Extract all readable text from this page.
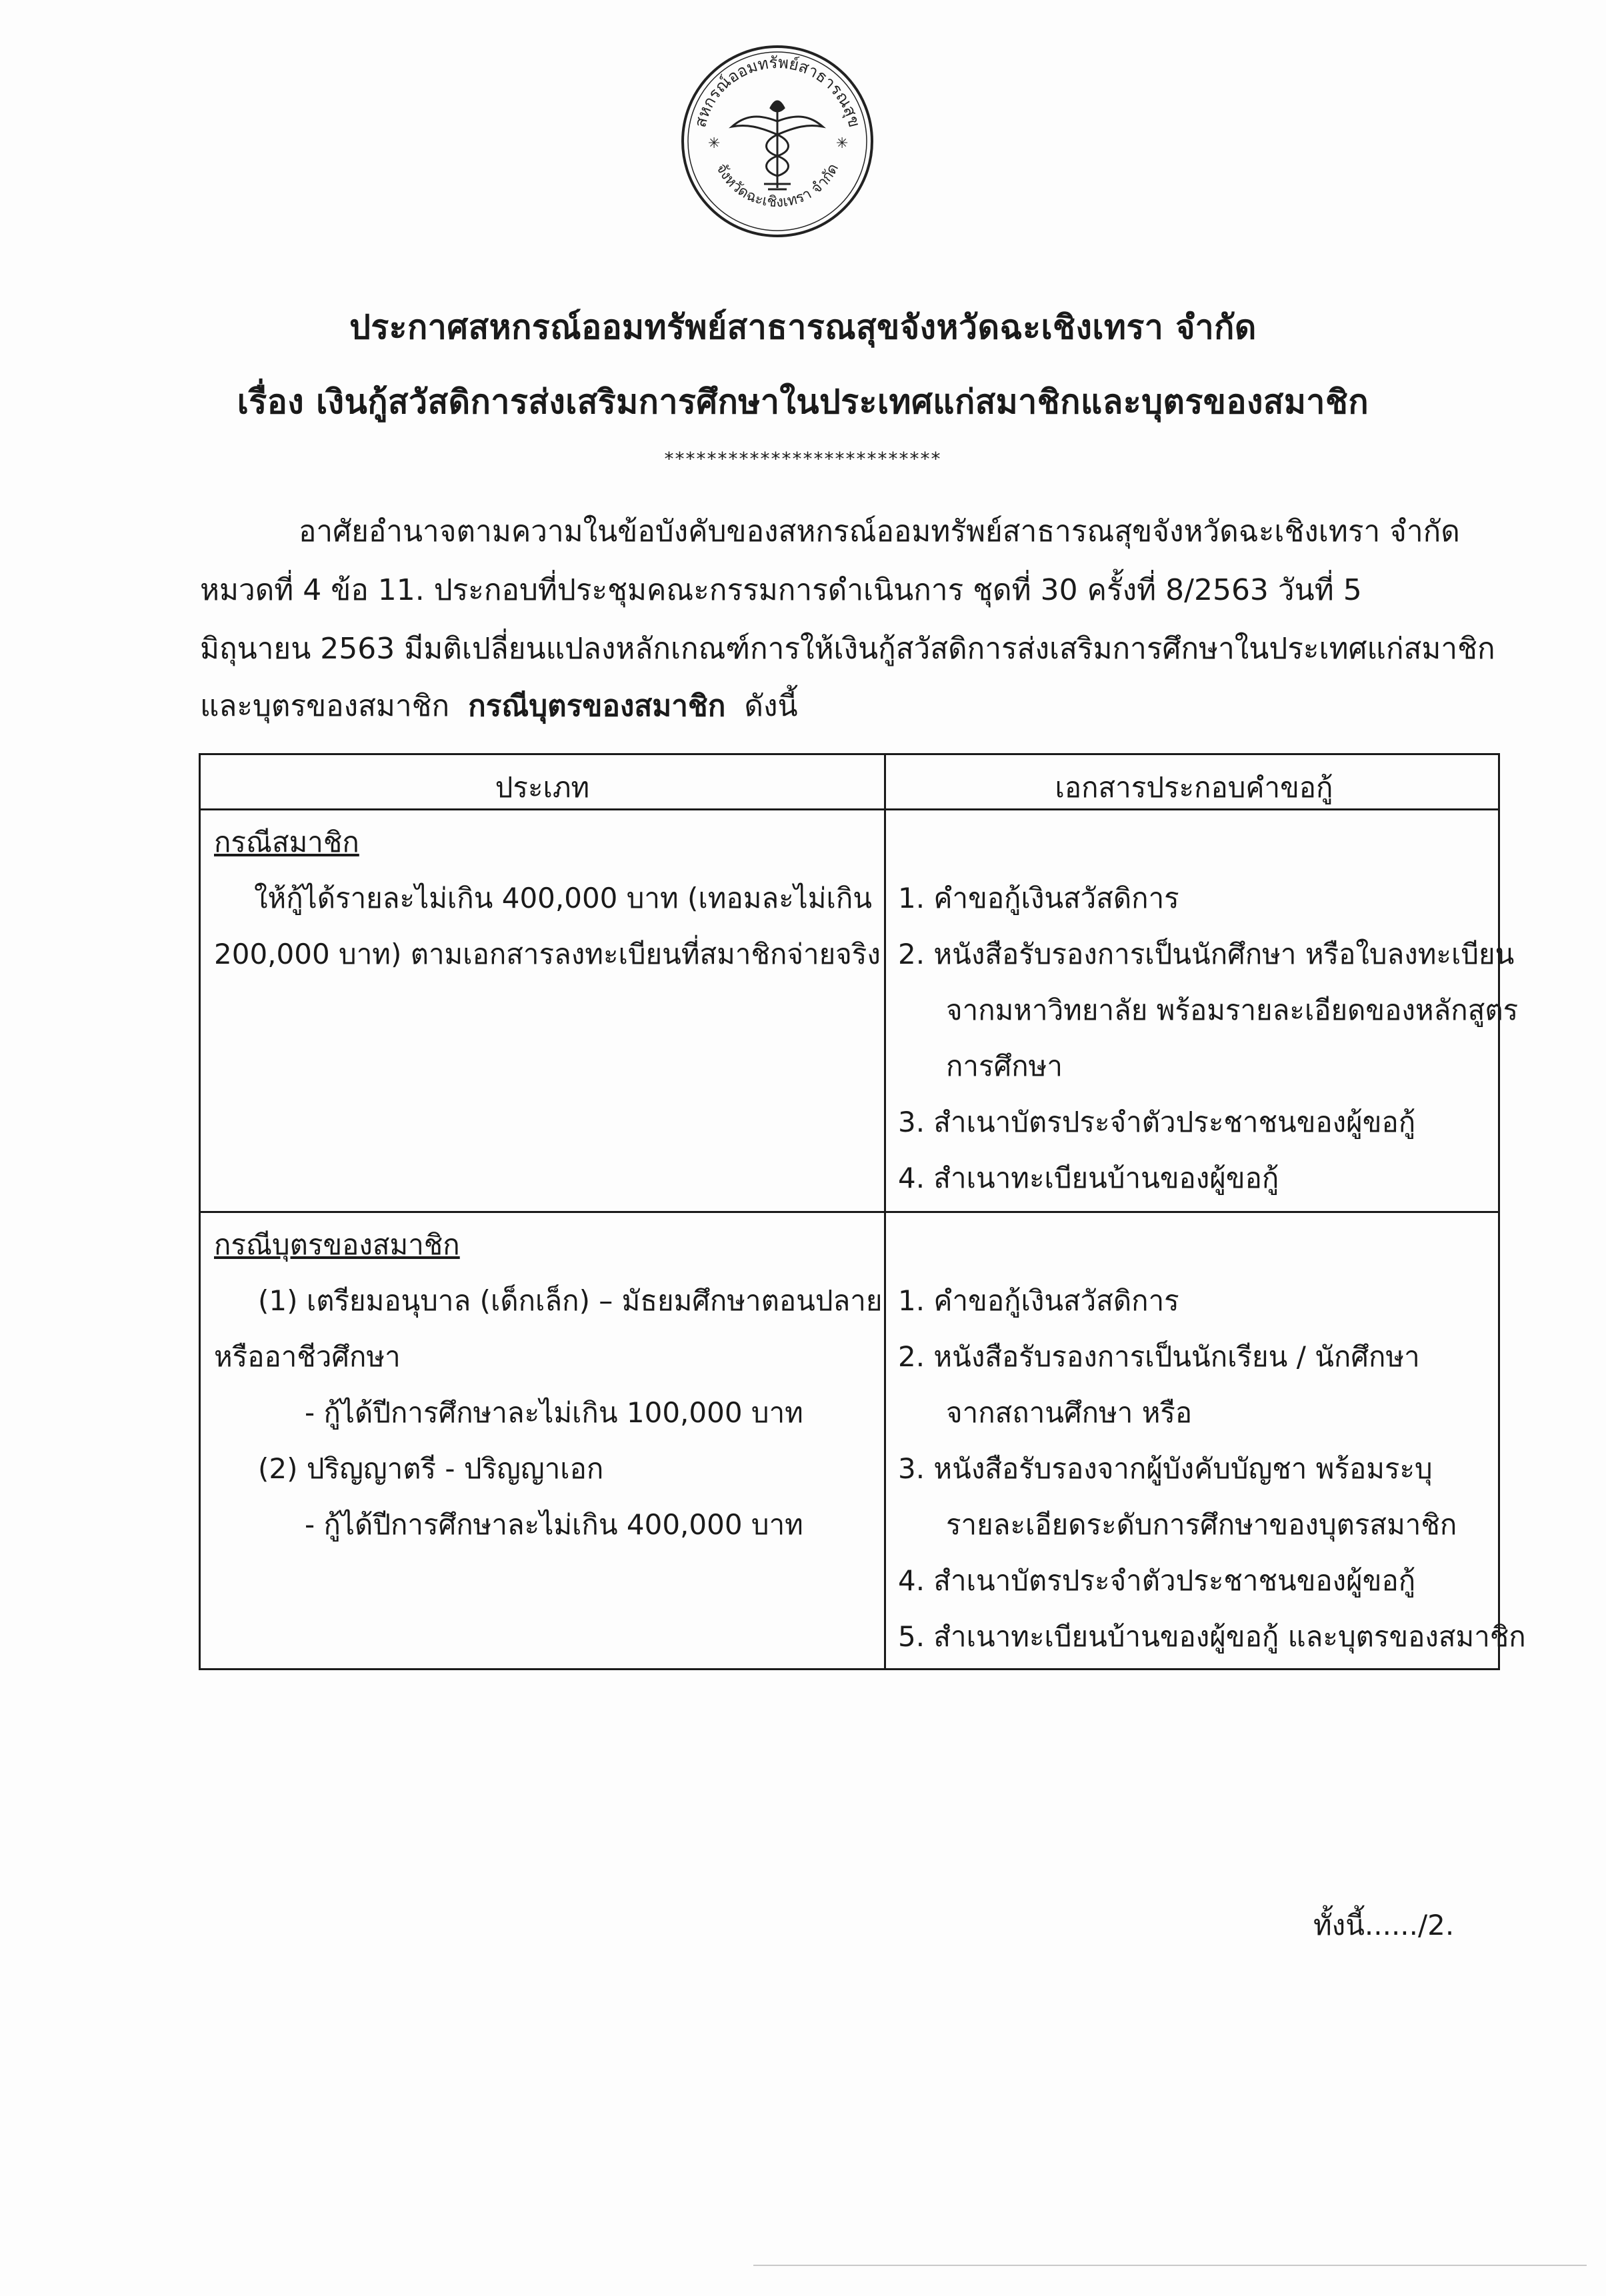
สหกรณ์ออมทรัพย์สาธารณสุข
จังหวัดฉะเชิงเทรา จำกัด
✳	✳
ประกาศสหกรณ์ออมทรัพย์สาธารณสุขจังหวัดฉะเชิงเทรา จำกัด
เรื่อง เงินกู้สวัสดิการส่งเสริมการศึกษาในประเทศแก่สมาชิกและบุตรของสมาชิก
**************************
อาศัยอำนาจตามความในข้อบังคับของสหกรณ์ออมทรัพย์สาธารณสุขจังหวัดฉะเชิงเทรา จำกัด
หมวดที่ 4 ข้อ 11. ประกอบที่ประชุมคณะกรรมการดำเนินการ ชุดที่ 30 ครั้งที่ 8/2563 วันที่ 5
มิถุนายน 2563 มีมติเปลี่ยนแปลงหลักเกณฑ์การให้เงินกู้สวัสดิการส่งเสริมการศึกษาในประเทศแก่สมาชิก
และบุตรของสมาชิก กรณีบุตรของสมาชิก ดังนี้
ประเภท	เอกสารประกอบคำขอกู้
กรณีสมาชิก
ให้กู้ได้รายละไม่เกิน 400,000 บาท (เทอมละไม่เกิน
200,000 บาท) ตามเอกสารลงทะเบียนที่สมาชิกจ่ายจริง
1. คำขอกู้เงินสวัสดิการ
2. หนังสือรับรองการเป็นนักศึกษา หรือใบลงทะเบียน
จากมหาวิทยาลัย พร้อมรายละเอียดของหลักสูตร
การศึกษา
3. สำเนาบัตรประจำตัวประชาชนของผู้ขอกู้
4. สำเนาทะเบียนบ้านของผู้ขอกู้
กรณีบุตรของสมาชิก
(1) เตรียมอนุบาล (เด็กเล็ก) – มัธยมศึกษาตอนปลาย
หรืออาชีวศึกษา
- กู้ได้ปีการศึกษาละไม่เกิน 100,000 บาท
(2) ปริญญาตรี - ปริญญาเอก
- กู้ได้ปีการศึกษาละไม่เกิน 400,000 บาท
1. คำขอกู้เงินสวัสดิการ
2. หนังสือรับรองการเป็นนักเรียน / นักศึกษา
จากสถานศึกษา หรือ
3. หนังสือรับรองจากผู้บังคับบัญชา พร้อมระบุ
รายละเอียดระดับการศึกษาของบุตรสมาชิก
4. สำเนาบัตรประจำตัวประชาชนของผู้ขอกู้
5. สำเนาทะเบียนบ้านของผู้ขอกู้ และบุตรของสมาชิก
ทั้งนี้....../2.
